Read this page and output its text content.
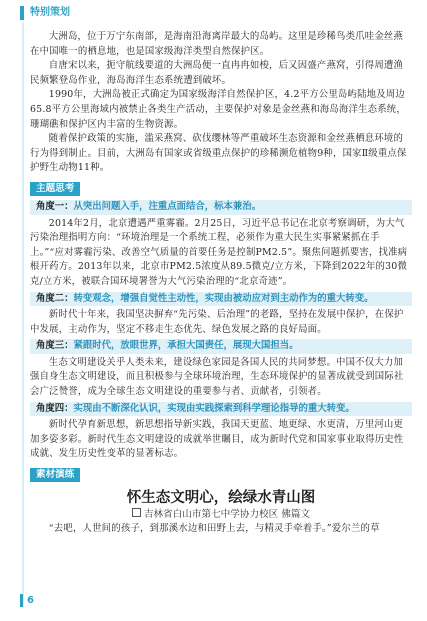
特别策划

大洲岛，位于万宁东南部，是海南沿海离岸最大的岛屿。这里是珍稀鸟类爪哇金丝燕在中国唯一的栖息地，也是国家级海洋类型自然保护区。

自唐宋以来，扼守航线要道的大洲岛便一直冉冉如梭，后又因盛产燕窝，引得周遭渔民频繁登岛作业，海岛海洋生态系统遭到破坏。

1990年，大洲岛被正式确定为国家级海洋自然保护区，4.2平方公里岛屿陆地及周边65.8平方公里海域内被禁止各类生产活动，主要保护对象是金丝燕和海岛海洋生态系统，珊瑚礁和保护区内丰富的生物资源。

随着保护政策的实施，滥采燕窝、砍伐缨林等严重破坏生态资源和金丝燕栖息环境的行为得到制止。目前，大洲岛有国家或省级重点保护的珍稀濒危植物9种，国家Ⅱ级重点保护野生动物11种。

主题思考
角度一：从突出问题入手，注重点面结合，标本兼治。

2014年2月，北京遭遇严重雾霾。2月25日，习近平总书记在北京考察调研，为大气污染治理指明方向：“环境治理是一个系统工程，必须作为重大民生实事紧紧抓在手上。”“应对雾霾污染、改善空气质量的首要任务是控制PM2.5”。聚焦问题抓要害，找准病根开药方。2013年以来，北京市PM2.5浓度从89.5微克/立方米，下降到2022年的30微克/立方米，被联合国环境署誉为大气污染治理的“北京奇迹”。

角度二：转变观念，增强自觉性主动性，实现由被动应对到主动作为的重大转变。

新时代十年来，我国坚决摒弃“先污染、后治理”的老路，坚持在发展中保护，在保护中发展，主动作为，坚定不移走生态优先、绿色发展之路的良好局面。

角度三：紧跟时代，放眼世界，承担大国责任，展现大国担当。

生态文明建设关乎人类未来，建设绿色家园是各国人民的共同梦想。中国不仅大力加强自身生态文明建设，而且积极参与全球环境治理，生态环境保护的显著成就受到国际社会广泛赞誉，成为全球生态文明建设的重要参与者、贡献者，引领者。

角度四：实现由不断深化认识，实现由实践探索到科学理论指导的重大转变。

新时代孕育新思想，新思想指导新实践，我国天更蓝、地更绿、水更清，万里河山更加多姿多彩。新时代生态文明建设的成就举世瞩目，成为新时代党和国家事业取得历史性成就、发生历史性变革的显著标志。

素材演练
怀生态文明心，绘绿水青山图
吉林省白山市第七中学协力校区 佛篇文

“去吧，人世间的孩子，到那溪水边和田野上去，与精灵手牵着手。”爱尔兰的草

6
